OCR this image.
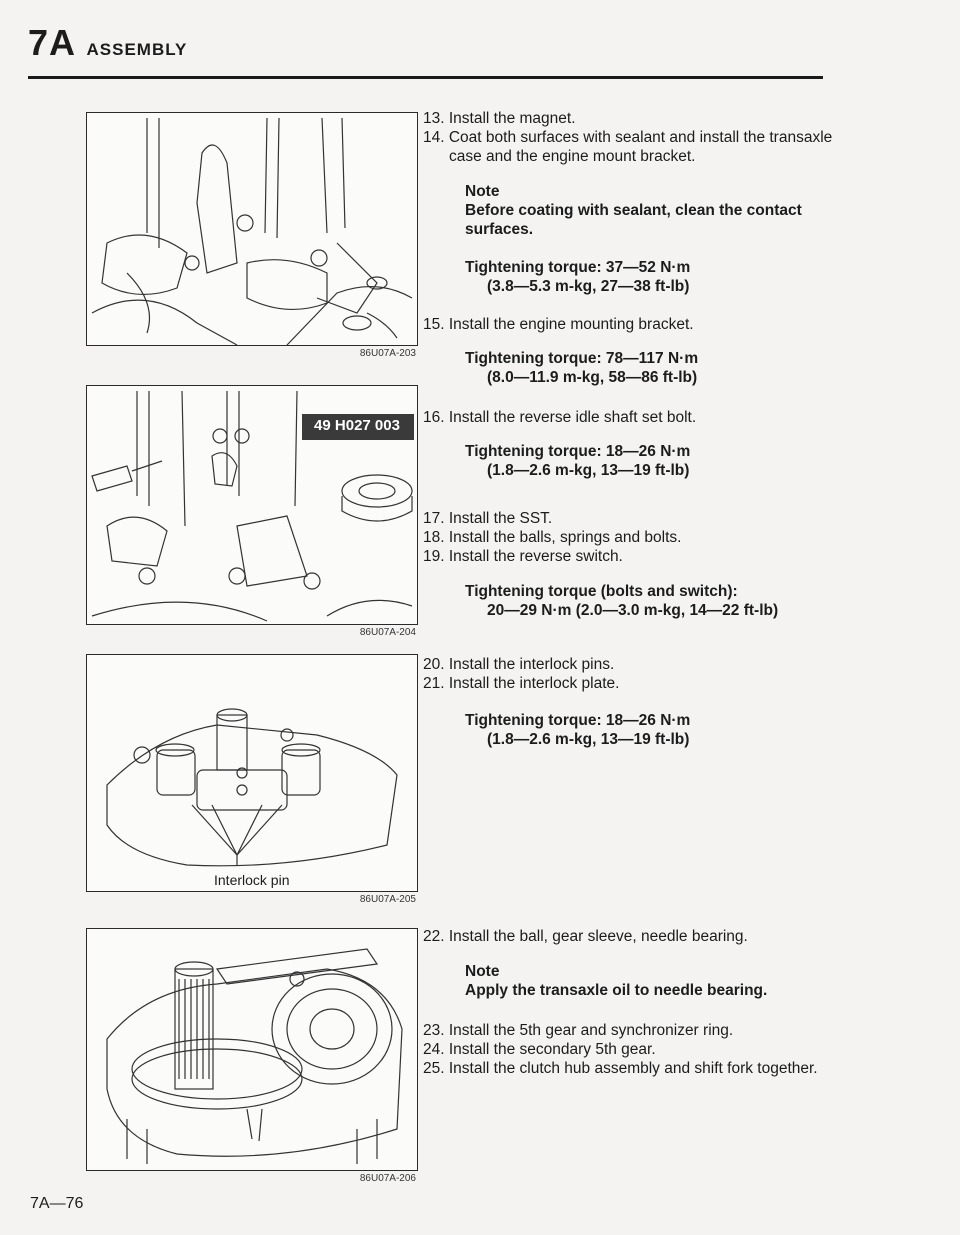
7A ASSEMBLY
86U07A-203
49 H027 003
86U07A-204
Interlock pin
86U07A-205
86U07A-206

13. Install the magnet.

14. Coat both surfaces with sealant and install the transaxle case and the engine mount bracket.

Note

Before coating with sealant, clean the contact surfaces.

Tightening torque: 37—52 N·m

(3.8—5.3 m-kg, 27—38 ft-lb)

15. Install the engine mounting bracket.

Tightening torque: 78—117 N·m

(8.0—11.9 m-kg, 58—86 ft-lb)

16. Install the reverse idle shaft set bolt.

Tightening torque: 18—26 N·m

(1.8—2.6 m-kg, 13—19 ft-lb)

17. Install the SST.

18. Install the balls, springs and bolts.

19. Install the reverse switch.

Tightening torque (bolts and switch):

20—29 N·m (2.0—3.0 m-kg, 14—22 ft-lb)

20. Install the interlock pins.

21. Install the interlock plate.

Tightening torque: 18—26 N·m

(1.8—2.6 m-kg, 13—19 ft-lb)

22. Install the ball, gear sleeve, needle bearing.

Note

Apply the transaxle oil to needle bearing.

23. Install the 5th gear and synchronizer ring.

24. Install the secondary 5th gear.

25. Install the clutch hub assembly and shift fork together.

7A—76
